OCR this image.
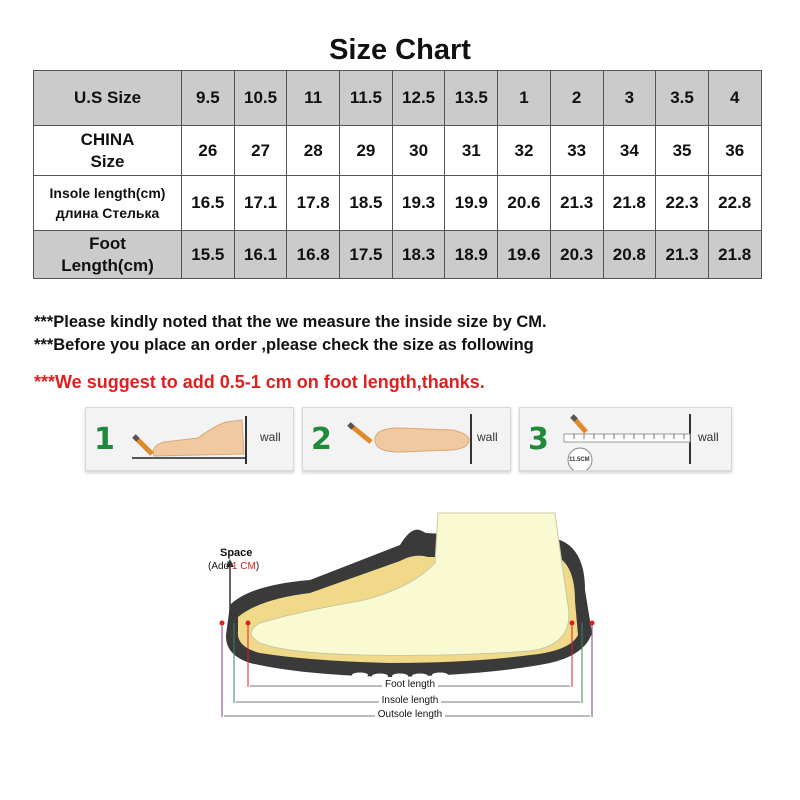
Size Chart
U.S Size	9.5	10.5	11	11.5	12.5	13.5	1	2	3	3.5	4
CHINA
Size	26	27	28	29	30	31	32	33	34	35	36
Insole length(cm)
длина Стелька	16.5	17.1	17.8	18.5	19.3	19.9	20.6	21.3	21.8	22.3	22.8
Foot
Length(cm)	15.5	16.1	16.8	17.5	18.3	18.9	19.6	20.3	20.8	21.3	21.8
***Please kindly noted that the we measure the inside size by CM.
***Before you place an order ,please check the size as following
***We suggest to add 0.5-1 cm on foot length,thanks.
1	wall 2	wall 3
11.5CM
wall
Space
(Add 1 CM)
Foot length
Insole length
Outsole length
